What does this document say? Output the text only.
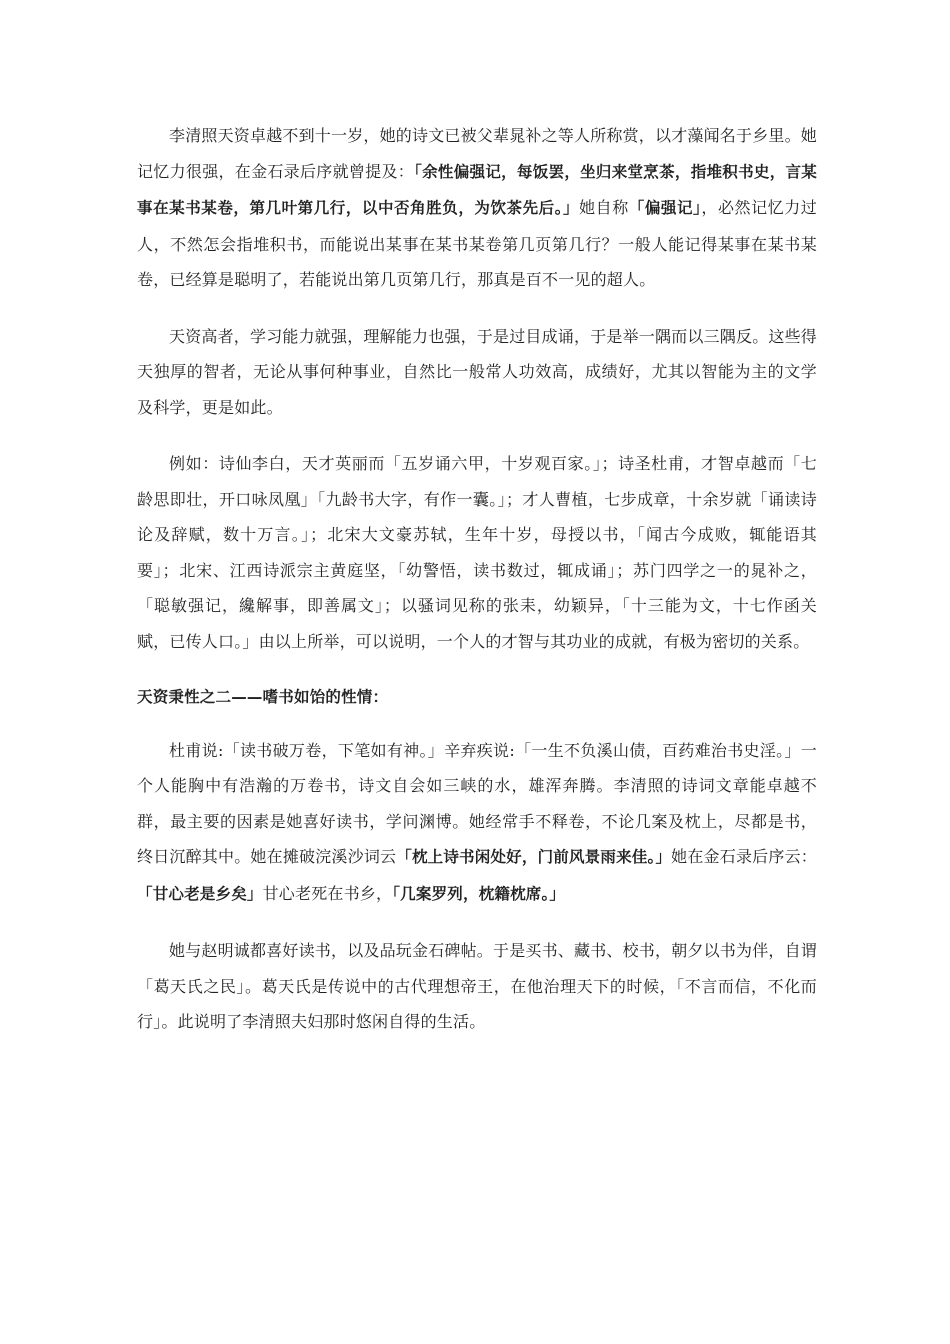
李清照天资卓越不到十一岁，她的诗文已被父辈晁补之等人所称赏，以才藻闻名于乡里。她记忆力很强，在金石录后序就曾提及：「余性偏强记，每饭罢，坐归来堂烹茶，指堆积书史，言某事在某书某卷，第几叶第几行，以中否角胜负，为饮茶先后。」她自称「偏强记」，必然记忆力过人，不然怎会指堆积书，而能说出某事在某书某卷第几页第几行？一般人能记得某事在某书某卷，已经算是聪明了，若能说出第几页第几行，那真是百不一见的超人。

天资高者，学习能力就强，理解能力也强，于是过目成诵，于是举一隅而以三隅反。这些得天独厚的智者，无论从事何种事业，自然比一般常人功效高，成绩好，尤其以智能为主的文学及科学，更是如此。

例如：诗仙李白，天才英丽而「五岁诵六甲，十岁观百家。」；诗圣杜甫，才智卓越而「七龄思即壮，开口咏凤凰」「九龄书大字，有作一囊。」；才人曹植，七步成章，十余岁就「诵读诗论及辞赋，数十万言。」；北宋大文豪苏轼，生年十岁，母授以书，「闻古今成败，辄能语其要」；北宋、江西诗派宗主黄庭坚，「幼警悟，读书数过，辄成诵」；苏门四学之一的晁补之，「聪敏强记，纔解事，即善属文」；以骚词见称的张耒，幼颖异，「十三能为文，十七作函关赋，已传人口。」由以上所举，可以说明，一个人的才智与其功业的成就，有极为密切的关系。

天资秉性之二——嗜书如饴的性情：

杜甫说:「读书破万卷，下笔如有神。」辛弃疾说:「一生不负溪山债，百药难治书史淫。」一个人能胸中有浩瀚的万卷书，诗文自会如三峡的水，雄浑奔腾。李清照的诗词文章能卓越不群，最主要的因素是她喜好读书，学问渊博。她经常手不释卷，不论几案及枕上，尽都是书，终日沉醉其中。她在摊破浣溪沙词云「枕上诗书闲处好，门前风景雨来佳。」她在金石录后序云：「甘心老是乡矣」甘心老死在书乡，「几案罗列，枕籍枕席。」

她与赵明诚都喜好读书，以及品玩金石碑帖。于是买书、藏书、校书，朝夕以书为伴，自谓「葛天氏之民」。葛天氏是传说中的古代理想帝王，在他治理天下的时候，「不言而信，不化而行」。此说明了李清照夫妇那时悠闲自得的生活。
